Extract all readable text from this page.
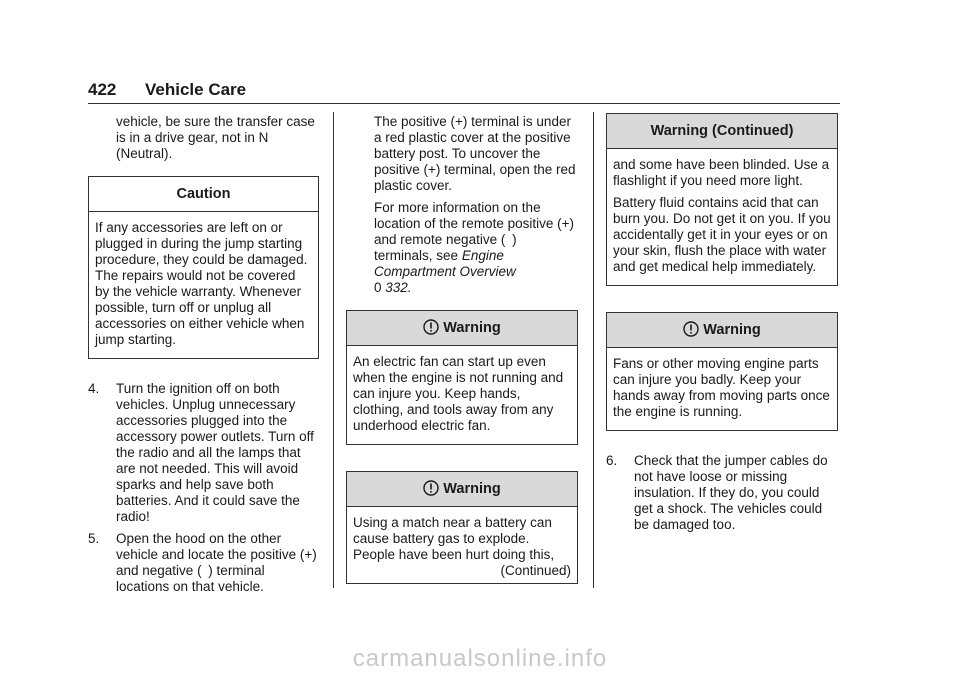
422 Vehicle Care

vehicle, be sure the transfer case is in a drive gear, not in N (Neutral).

Caution

If any accessories are left on or plugged in during the jump starting procedure, they could be damaged. The repairs would not be covered by the vehicle warranty. Whenever possible, turn off or unplug all accessories on either vehicle when jump starting.

4. Turn the ignition off on both vehicles. Unplug unnecessary accessories plugged into the accessory power outlets. Turn off the radio and all the lamps that are not needed. This will avoid sparks and help save both batteries. And it could save the radio!
5. Open the hood on the other vehicle and locate the positive (+) and negative ( ) terminal locations on that vehicle.

The positive (+) terminal is under a red plastic cover at the positive battery post. To uncover the positive (+) terminal, open the red plastic cover.

For more information on the location of the remote positive (+) and remote negative ( ) terminals, see Engine Compartment Overview
0 332.

Warning

An electric fan can start up even when the engine is not running and can injure you. Keep hands, clothing, and tools away from any underhood electric fan.

Warning

Using a match near a battery can cause battery gas to explode. People have been hurt doing this,

(Continued)
Warning (Continued)

and some have been blinded. Use a flashlight if you need more light.

Battery fluid contains acid that can burn you. Do not get it on you. If you accidentally get it in your eyes or on your skin, flush the place with water and get medical help immediately.

Warning

Fans or other moving engine parts can injure you badly. Keep your hands away from moving parts once the engine is running.

6. Check that the jumper cables do not have loose or missing insulation. If they do, you could get a shock. The vehicles could be damaged too.
carmanualsonline.info
